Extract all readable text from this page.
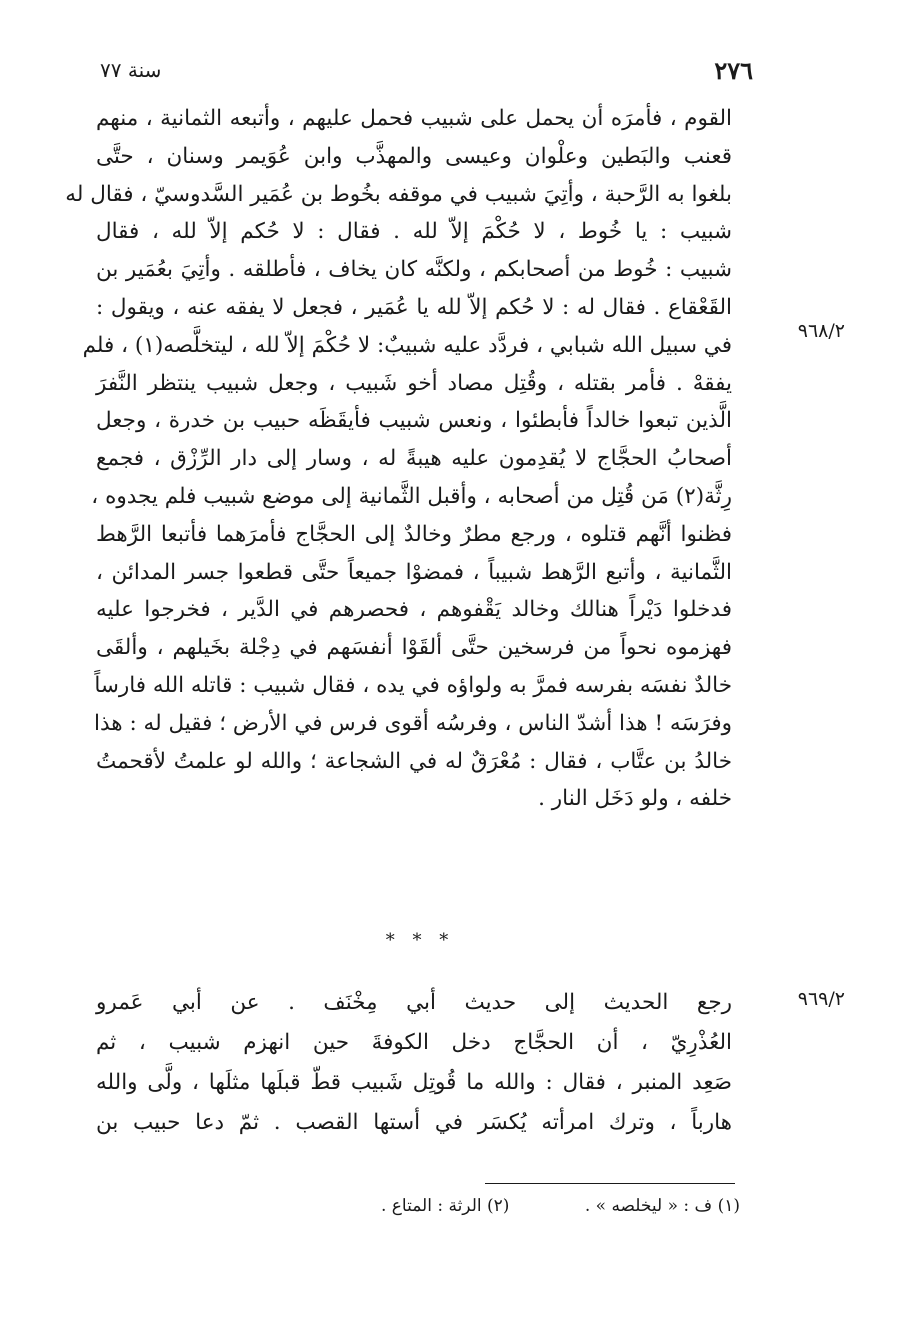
سنة ٧٧	٢٧٦
٩٦٨/٢
٩٦٩/٢
القوم ، فأمرَه أن يحمل على شبيب فحمل عليهم ، وأتبعه الثمانية ، منهم
قعنب والبَطين وعلْوان وعيسى والمهذَّب وابن عُوَيمر وسنان ، حتَّى
بلغوا به الرَّحبة ، وأتِيَ شبيب في موقفه بخُوط بن عُمَير السَّدوسيّ ، فقال له
شبيب : يا خُوط ، لا حُكْمَ إلاّ لله . فقال : لا حُكم إلاّ لله ، فقال
شبيب : خُوط من أصحابكم ، ولكنَّه كان يخاف ، فأطلقه . وأتِيَ بعُمَير بن
القَعْقاع . فقال له : لا حُكم إلاّ لله يا عُمَير ، فجعل لا يفقه عنه ، ويقول :
في سبيل الله شبابي ، فردَّد عليه شبيبٌ: لا حُكْمَ إلاّ لله ، ليتخلَّصه(١) ، فلم
يفقهْ . فأمر بقتله ، وقُتِل مصاد أخو شَبيب ، وجعل شبيب ينتظر النَّفرَ
الَّذين تبعوا خالداً فأبطئوا ، ونعس شبيب فأيقَظَه حبيب بن خدرة ، وجعل
أصحابُ الحجَّاج لا يُقدِمون عليه هيبةً له ، وسار إلى دار الرِّزْق ، فجمع
رِثَّة(٢) مَن قُتِل من أصحابه ، وأقبل الثَّمانية إلى موضع شبيب فلم يجدوه ،
فظنوا أنَّهم قتلوه ، ورجع مطرٌ وخالدٌ إلى الحجَّاج فأمرَهما فأتبعا الرَّهط
الثَّمانية ، وأتبع الرَّهط شبيباً ، فمضوْا جميعاً حتَّى قطعوا جسر المدائن ،
فدخلوا دَيْراً هنالك وخالد يَقْفوهم ، فحصرهم في الدَّير ، فخرجوا عليه
فهزموه نحواً من فرسخين حتَّى ألقَوْا أنفسَهم في دِجْلة بخَيلهم ، وألقَى
خالدٌ نفسَه بفرسه فمرَّ به ولواؤه في يده ، فقال شبيب : قاتله الله فارساً
وفرَسَه ! هذا أشدّ الناس ، وفرسُه أقوى فرس في الأرض ؛ فقيل له : هذا
خالدُ بن عتَّاب ، فقال : مُعْرَقٌ له في الشجاعة ؛ والله لو علمتُ لأقحمتُ
خلفه ، ولو دَخَل النار .
* * *
رجع الحديث إلى حديث أبي مِخْنَف . عن أبي عَمرو
العُذْرِيّ ، أن الحجَّاج دخل الكوفةَ حين انهزم شبيب ، ثم
صَعِد المنبر ، فقال : والله ما قُوتِل شَبيب قطّ قبلَها مثلَها ، ولَّى والله
هارباً ، وترك امرأته يُكسَر في أستها القصب . ثمّ دعا حبيب بن
(١) ف : « ليخلصه » . (٢) الرثة : المتاع .
